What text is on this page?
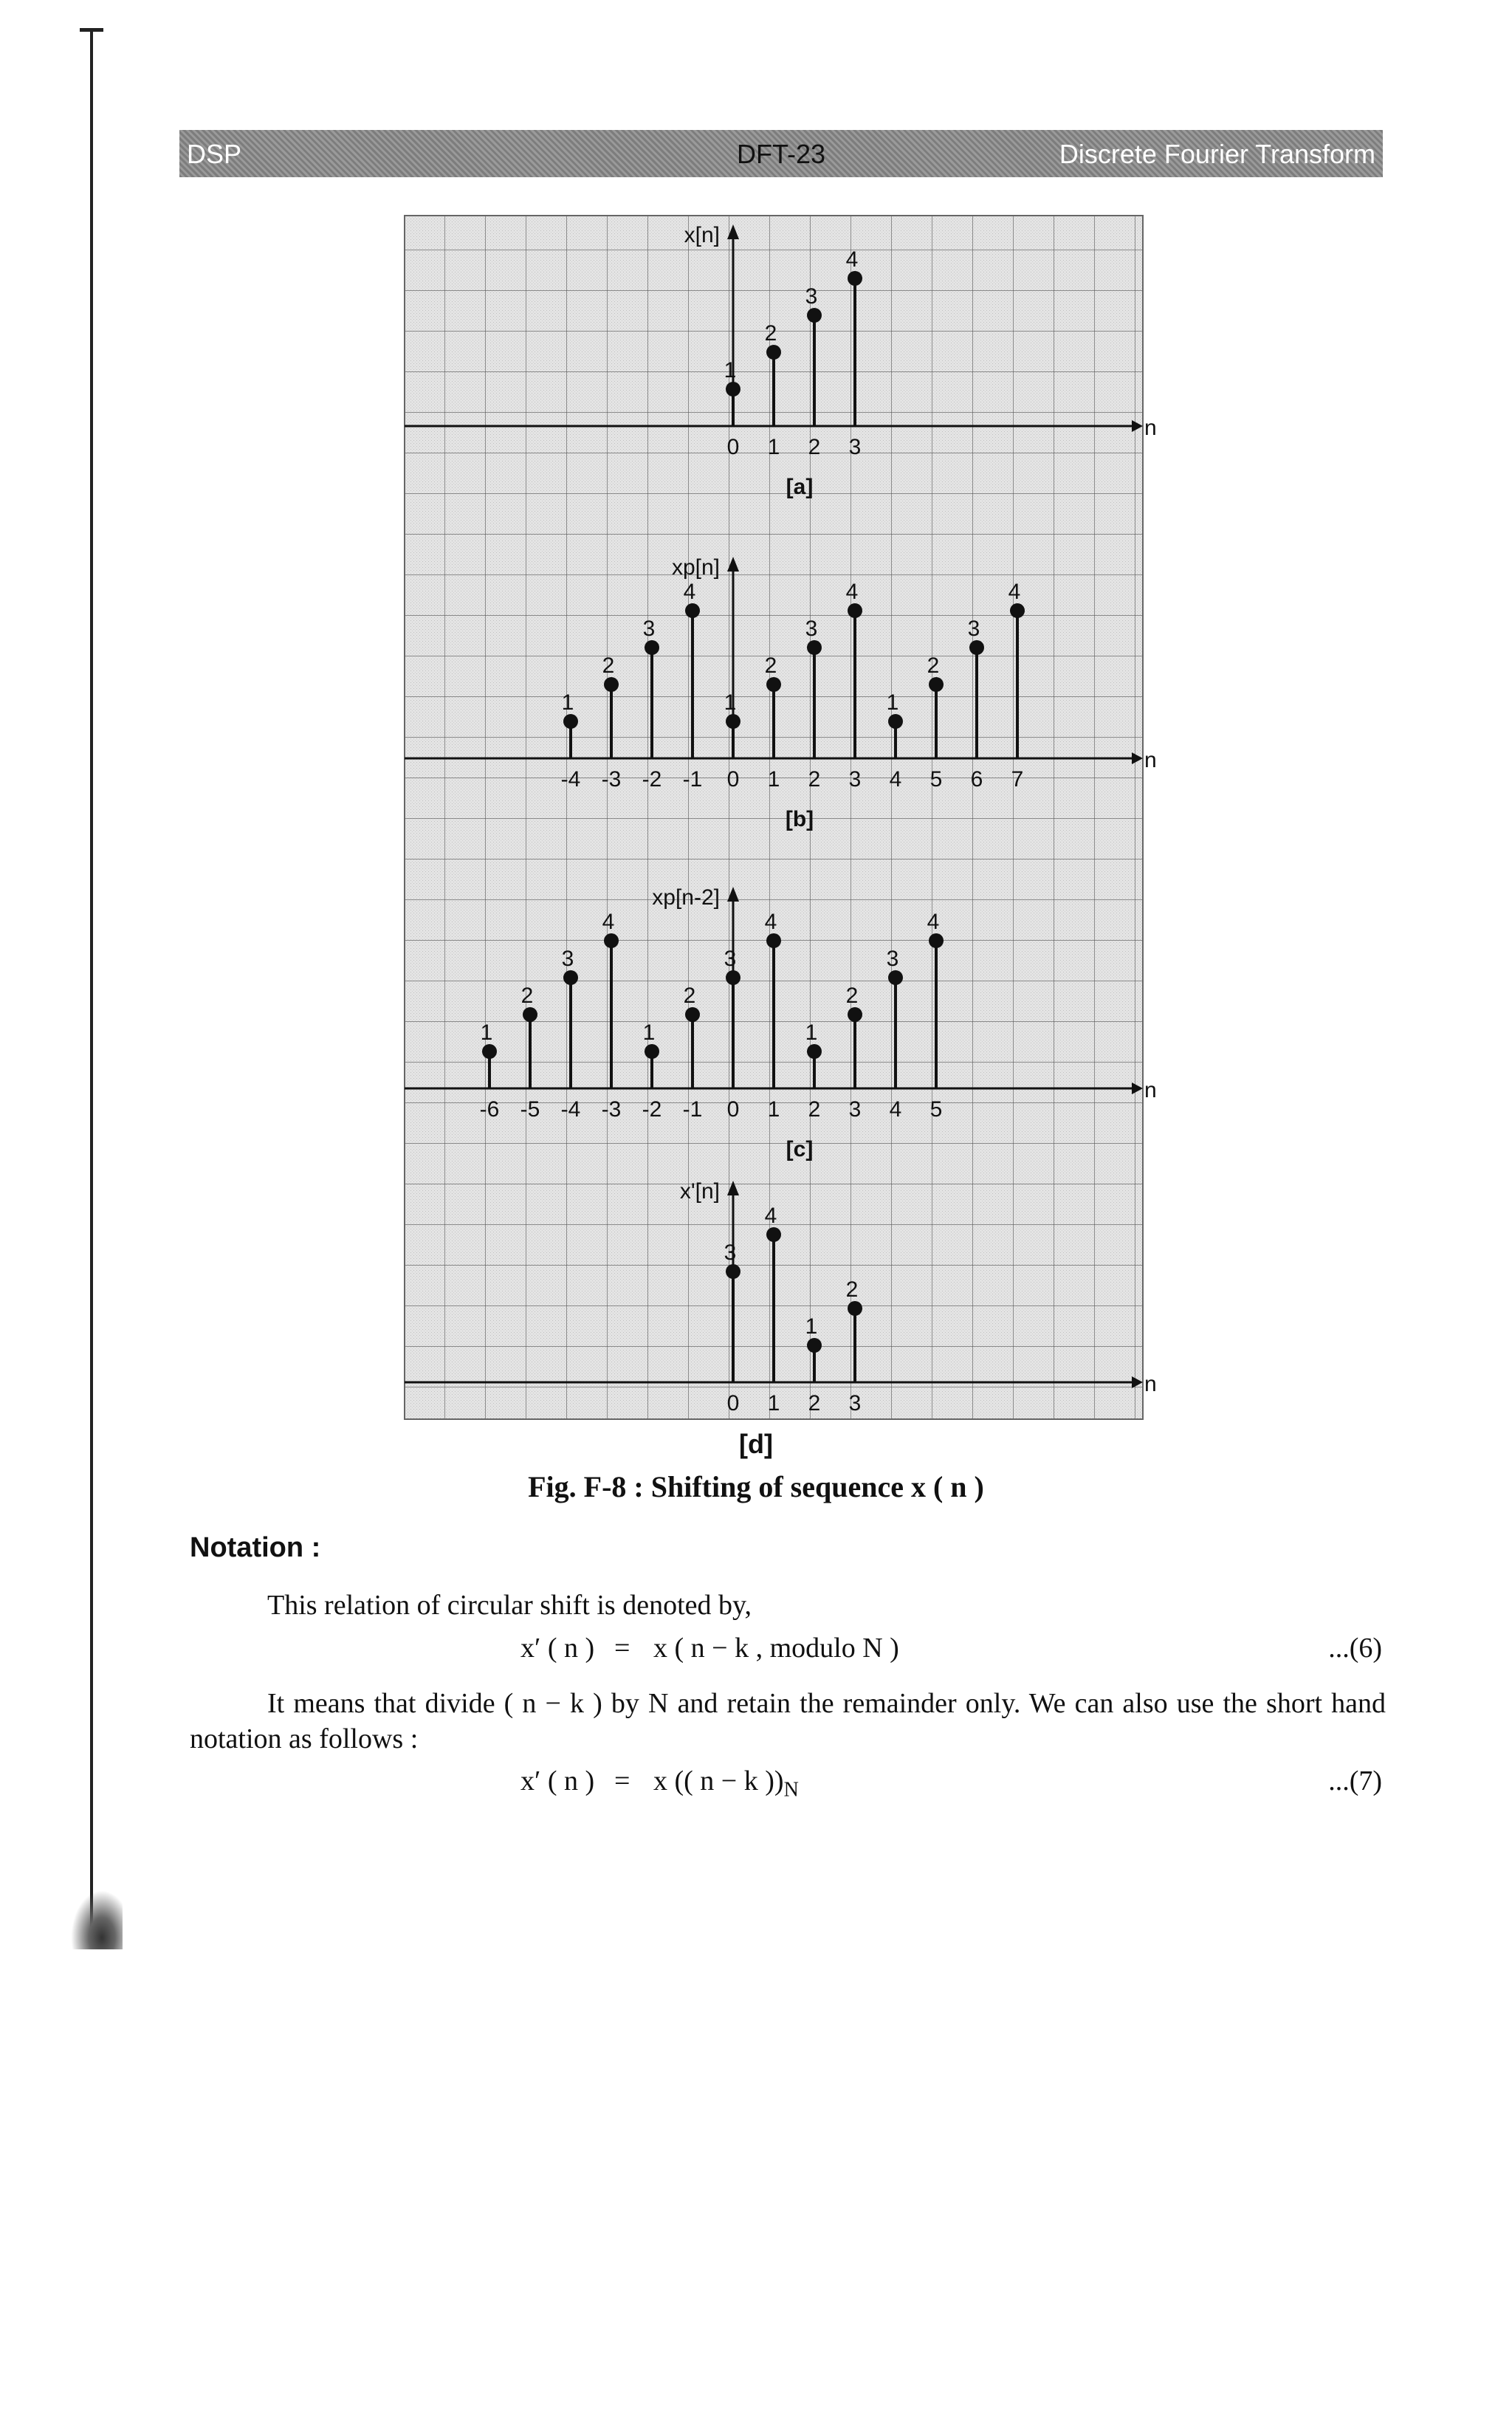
DSP	DFT-23	Discrete Fourier Transform
n
x[n]
1
0
2
1
3
2
4
3
[a]
n
xp[n]
1
-4
2
-3
3
-2
4
-1
1
0
2
1
3
2
4
3
1
4
2
5
3
6
4
7
[b]
n
xp[n-2]
1
-6
2
-5
3
-4
4
-3
1
-2
2
-1
3
0
4
1
1
2
2
3
3
4
4
5
[c]
n
x'[n]
3
0
4
1
1
2
2
3
[d]
Fig. F-8 : Shifting of sequence x ( n )
Notation :
This relation of circular shift is denoted by,
x′ ( n ) = x ( n − k , modulo N )	...(6)
It means that divide ( n − k ) by N and retain the remainder only. We can also use the short hand notation as follows :
x′ ( n ) = x (( n − k ))$_N$	...(7)
